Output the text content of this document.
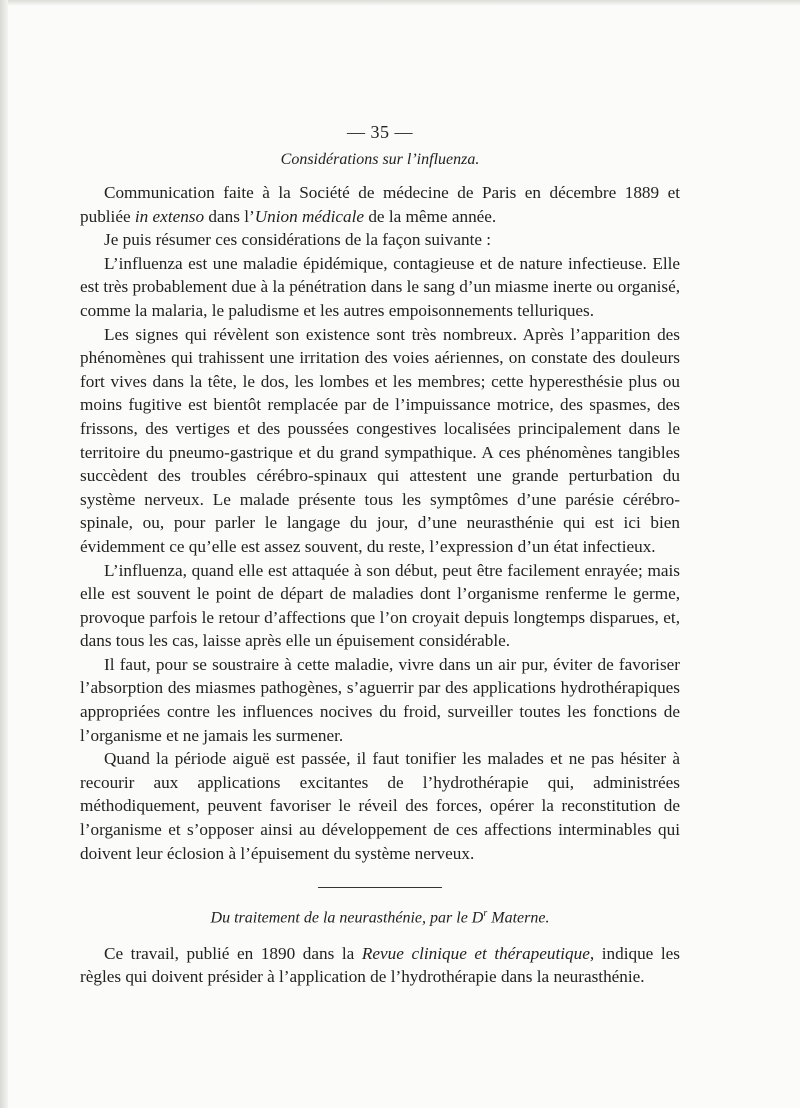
— 35 —
Considérations sur l’influenza.

Communication faite à la Société de médecine de Paris en décembre 1889 et publiée in extenso dans l’Union médicale de la même année.

Je puis résumer ces considérations de la façon suivante :

L’influenza est une maladie épidémique, contagieuse et de nature infectieuse. Elle est très probablement due à la pénétration dans le sang d’un miasme inerte ou organisé, comme la malaria, le paludisme et les autres empoisonnements telluriques.

Les signes qui révèlent son existence sont très nombreux. Après l’apparition des phénomènes qui trahissent une irritation des voies aériennes, on constate des douleurs fort vives dans la tête, le dos, les lombes et les membres; cette hyperesthésie plus ou moins fugitive est bientôt remplacée par de l’impuissance motrice, des spasmes, des frissons, des vertiges et des poussées congestives localisées principalement dans le territoire du pneumo-gastrique et du grand sympathique. A ces phénomènes tangibles succèdent des troubles cérébro-spinaux qui attestent une grande perturbation du système nerveux. Le malade présente tous les symptômes d’une parésie cérébro-spinale, ou, pour parler le langage du jour, d’une neurasthénie qui est ici bien évidemment ce qu’elle est assez souvent, du reste, l’expression d’un état infectieux.

L’influenza, quand elle est attaquée à son début, peut être facilement enrayée; mais elle est souvent le point de départ de maladies dont l’organisme renferme le germe, provoque parfois le retour d’affections que l’on croyait depuis longtemps disparues, et, dans tous les cas, laisse après elle un épuisement considérable.

Il faut, pour se soustraire à cette maladie, vivre dans un air pur, éviter de favoriser l’absorption des miasmes pathogènes, s’aguerrir par des applications hydrothérapiques appropriées contre les influences nocives du froid, surveiller toutes les fonctions de l’organisme et ne jamais les surmener.

Quand la période aiguë est passée, il faut tonifier les malades et ne pas hésiter à recourir aux applications excitantes de l’hydrothérapie qui, administrées méthodiquement, peuvent favoriser le réveil des forces, opérer la reconstitution de l’organisme et s’opposer ainsi au développement de ces affections interminables qui doivent leur éclosion à l’épuisement du système nerveux.

Du traitement de la neurasthénie, par le $D^r$ Materne.

Ce travail, publié en 1890 dans la Revue clinique et thérapeutique, indique les règles qui doivent présider à l’application de l’hydrothérapie dans la neurasthénie.
